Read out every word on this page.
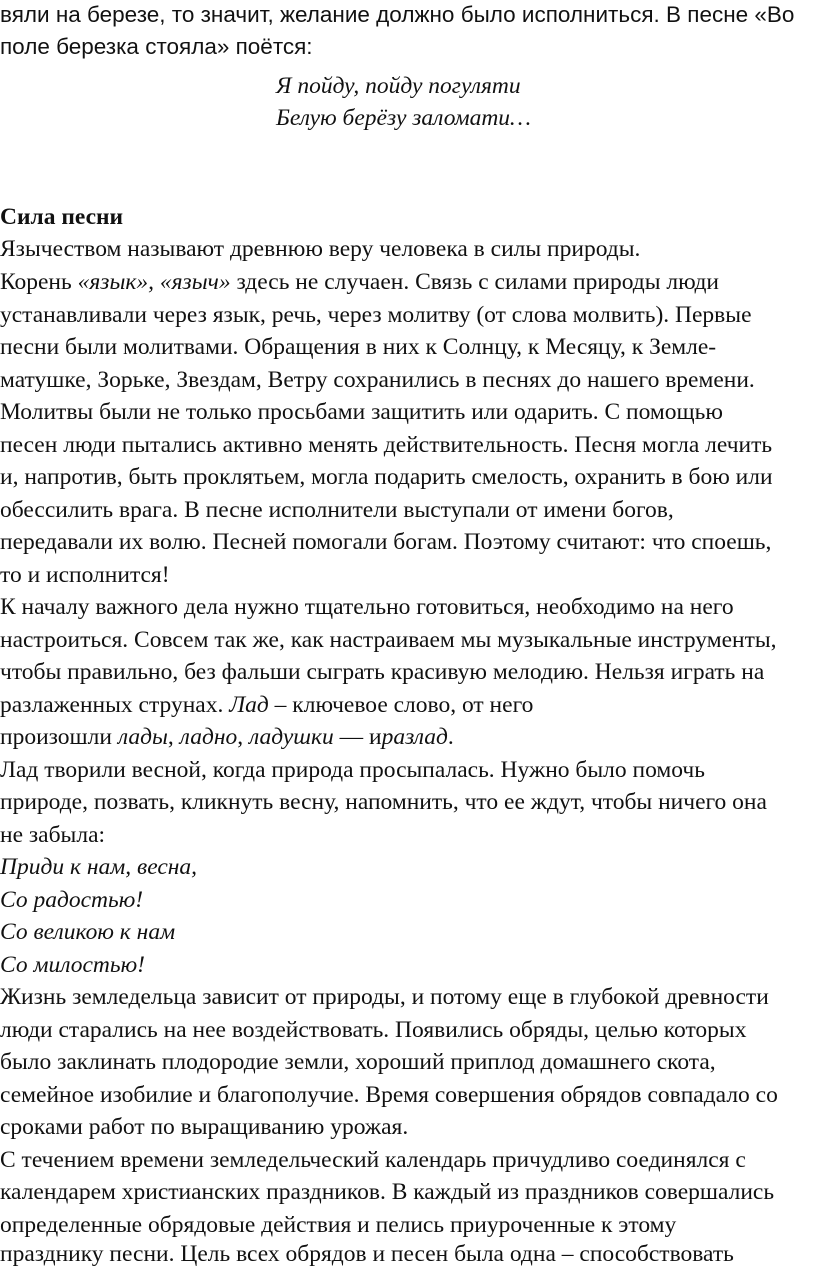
вяли на березе, то значит, желание должно было исполниться. В песне «Во
поле березка стояла» поётся:
Я пойду, пойду погуляти
Белую берёзу заломати…
Сила песни
Язычеством называют древнюю веру человека в силы природы.
Корень «язык», «языч» здесь не случаен. Связь с силами природы люди
устанавливали через язык, речь, через молитву (от слова молвить). Первые
песни были молитвами. Обращения в них к Солнцу, к Месяцу, к Земле-
матушке, Зорьке, Звездам, Ветру сохранились в песнях до нашего времени.
Молитвы были не только просьбами защитить или одарить. С помощью
песен люди пытались активно менять действительность. Песня могла лечить
и, напротив, быть проклятьем, могла подарить смелость, охранить в бою или
обессилить врага. В песне исполнители выступали от имени богов,
передавали их волю. Песней помогали богам. Поэтому считают: что споешь,
то и исполнится!
К началу важного дела нужно тщательно готовиться, необходимо на него
настроиться. Совсем так же, как настраиваем мы музыкальные инструменты,
чтобы правильно, без фальши сыграть красивую мелодию. Нельзя играть на
разлаженных струнах. Лад – ключевое слово, от него
произошли лады, ладно, ладушки — иразлад.
Лад творили весной, когда природа просыпалась. Нужно было помочь
природе, позвать, кликнуть весну, напомнить, что ее ждут, чтобы ничего она
не забыла:
Приди к нам, весна,
Со радостью!
Со великою к нам
Со милостью!
Жизнь земледельца зависит от природы, и потому еще в глубокой древности
люди старались на нее воздействовать. Появились обряды, целью которых
было заклинать плодородие земли, хороший приплод домашнего скота,
семейное изобилие и благополучие. Время совершения обрядов совпадало со
сроками работ по выращиванию урожая.
С течением времени земледельческий календарь причудливо соединялся с
календарем христианских праздников. В каждый из праздников совершались
определенные обрядовые действия и пелись приуроченные к этому
празднику песни. Цель всех обрядов и песен была одна – способствовать
